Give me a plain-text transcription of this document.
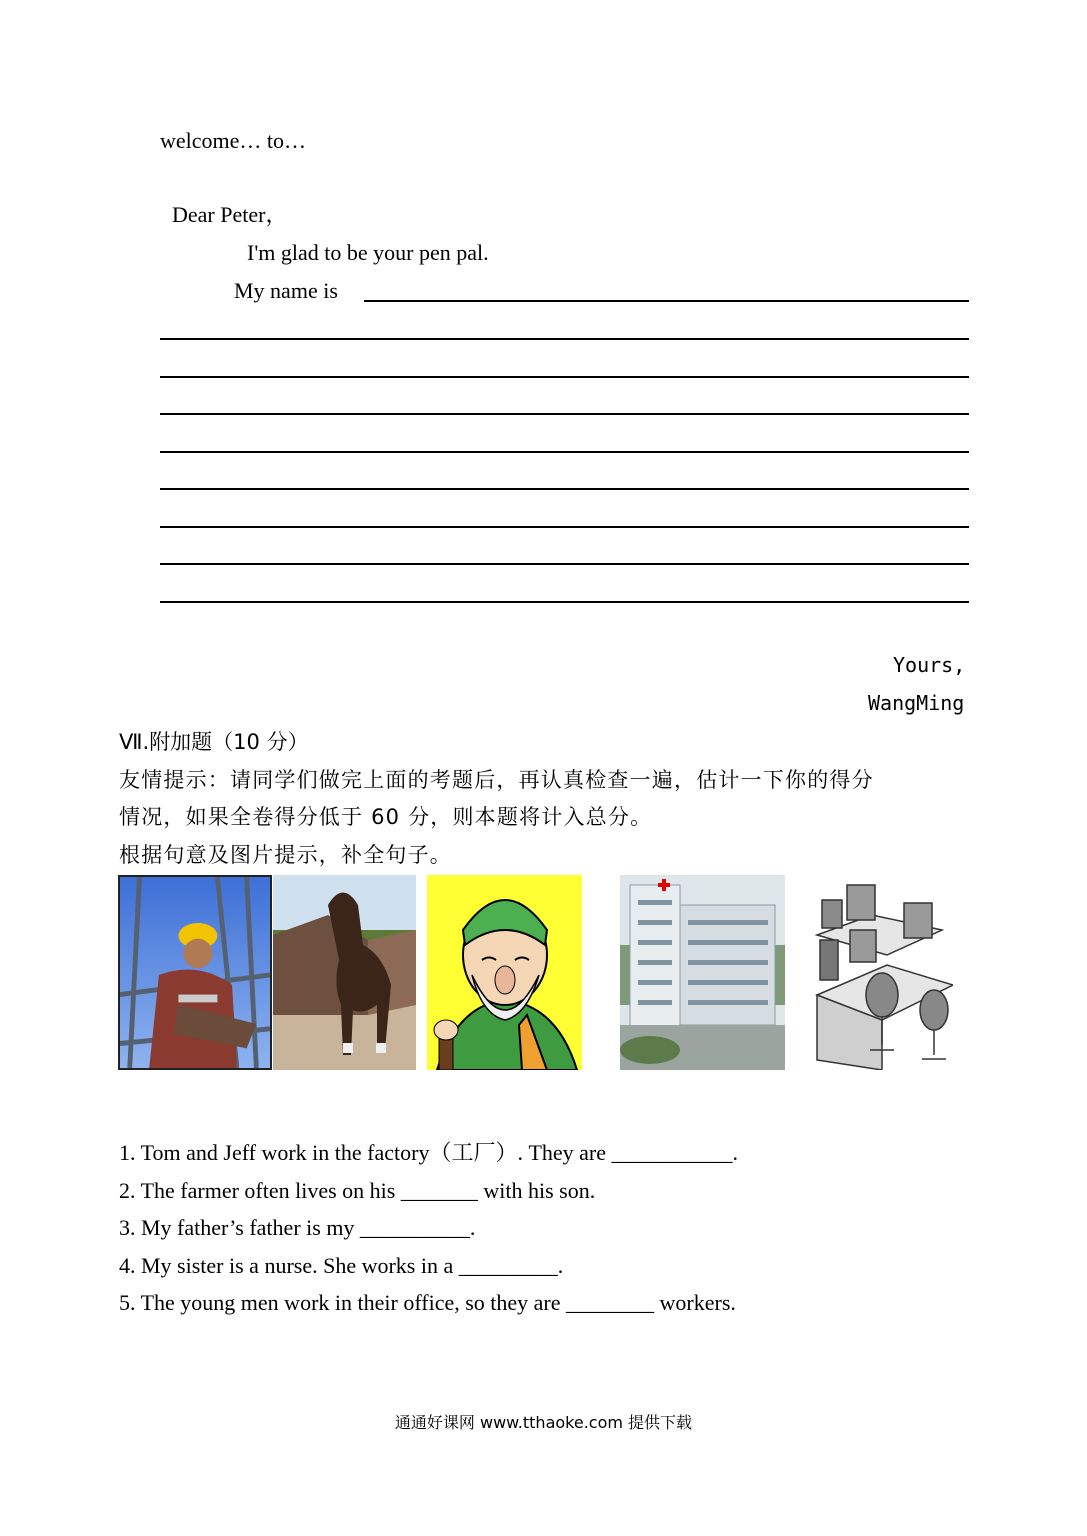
welcome… to…
Dear Peter，
I'm glad to be your pen pal.
My name is
Yours,
WangMing
Ⅶ.附加题（10 分）
友情提示：请同学们做完上面的考题后，再认真检查一遍，估计一下你的得分
情况，如果全卷得分低于 60 分，则本题将计入总分。
根据句意及图片提示，补全句子。
1. Tom and Jeff work in the factory（工厂）. They are ___________.
2. The farmer often lives on his _______ with his son.
3. My father’s father is my __________.
4. My sister is a nurse. She works in a _________.
5. The young men work in their office, so they are ________ workers.
通通好课网 www.tthaoke.com 提供下载
